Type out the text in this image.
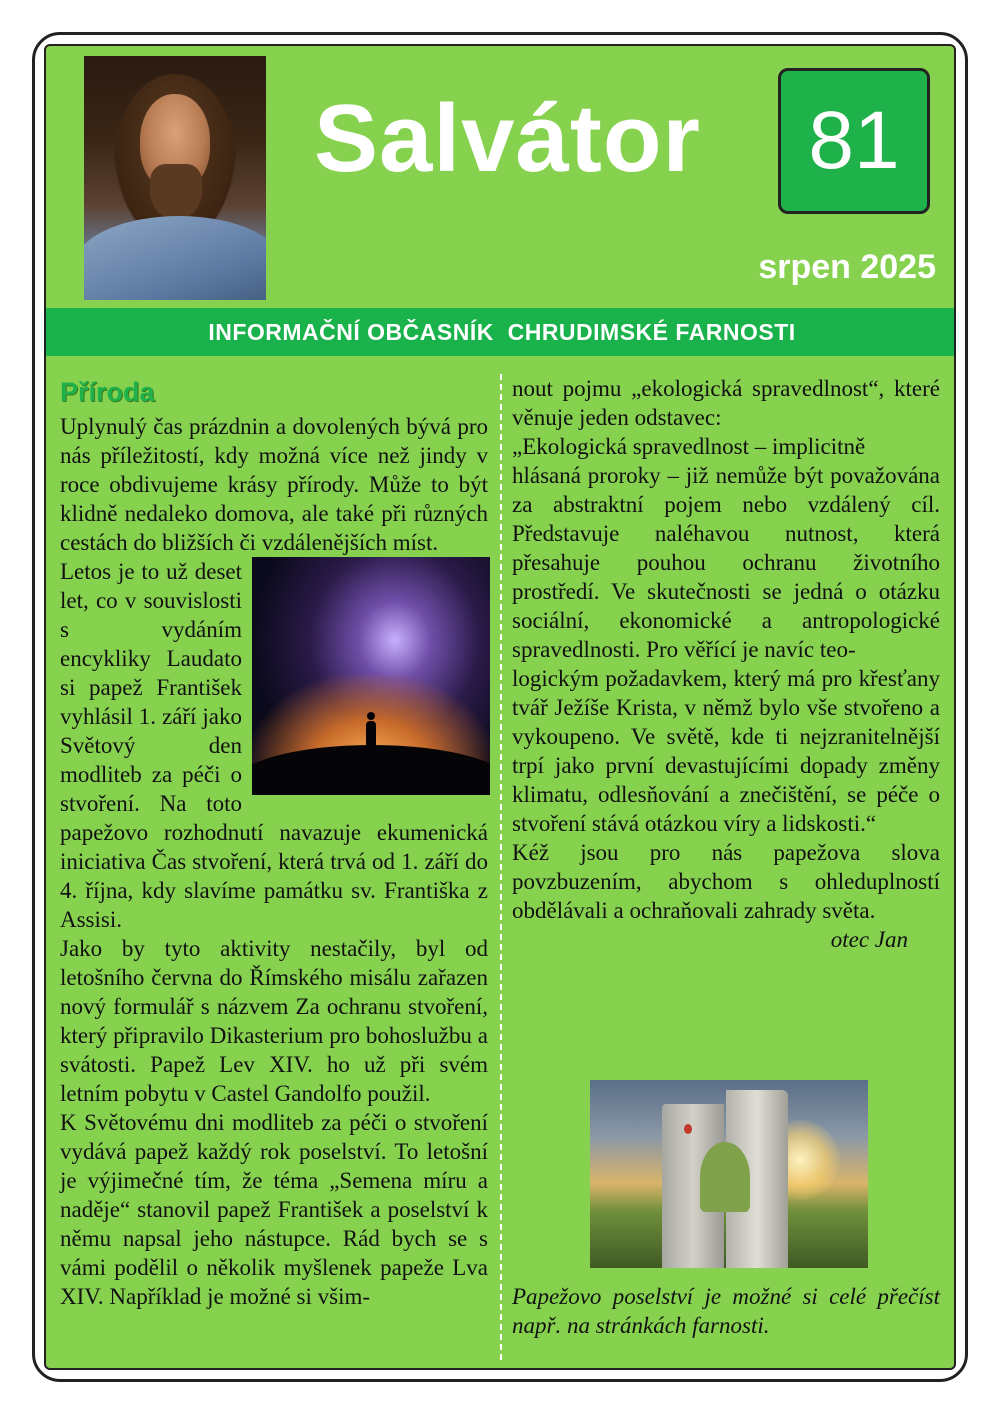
Salvátor	81
srpen 2025
INFORMAČNÍ OBČASNÍK  CHRUDIMSKÉ FARNOSTI
Příroda

Uplynulý čas prázdnin a dovolených bývá pro nás příležitostí, kdy možná více než jindy v roce obdivujeme krásy přírody. Může to být klidně nedaleko domova, ale také při různých cestách do bližších či vzdálenějších míst.

Letos je to už deset let, co v souvislosti s vydáním encykliky Laudato si papež František vyhlásil 1. září jako Světový den modliteb za péči o stvoření. Na toto papežovo rozhodnutí navazuje ekumenická iniciativa Čas stvoření, která trvá od 1. září do 4. října, kdy slavíme památku sv. Františka z Assisi.

Jako by tyto aktivity nestačily, byl od letošního června do Římského misálu zařazen nový formulář s názvem Za ochranu stvoření, který připravilo Dikasterium pro bohoslužbu a svátosti. Papež Lev XIV. ho už při svém letním pobytu v Castel Gandolfo použil.

K Světovému dni modliteb za péči o stvoření vydává papež každý rok poselství. To letošní je výjimečné tím, že téma „Semena míru a naděje“ stanovil papež František a poselství k němu napsal jeho nástupce. Rád bych se s vámi podělil o několik myšlenek papeže Lva XIV. Například je možné si všim-

nout pojmu „ekologická spravedlnost“, které věnuje jeden odstavec:

„Ekologická spravedlnost – implicitně

hlásaná proroky – již nemůže být považována za abstraktní pojem nebo vzdálený cíl. Představuje naléhavou nutnost, která přesahuje pouhou ochranu životního prostředí. Ve skutečnosti se jedná o otázku sociální, ekonomické a antropologické spravedlnosti. Pro věřící je navíc teo-

logickým požadavkem, který má pro křesťany tvář Ježíše Krista, v němž bylo vše stvořeno a vykoupeno. Ve světě, kde ti nejzranitelnější trpí jako první devastujícími dopady změny klimatu, odlesňování a znečištění, se péče o stvoření stává otázkou víry a lidskosti.“

Kéž jsou pro nás papežova slova povzbuzením, abychom s ohleduplností obdělávali a ochraňovali zahrady světa.

otec Jan

Papežovo poselství je možné si celé přečíst např. na stránkách farnosti.
